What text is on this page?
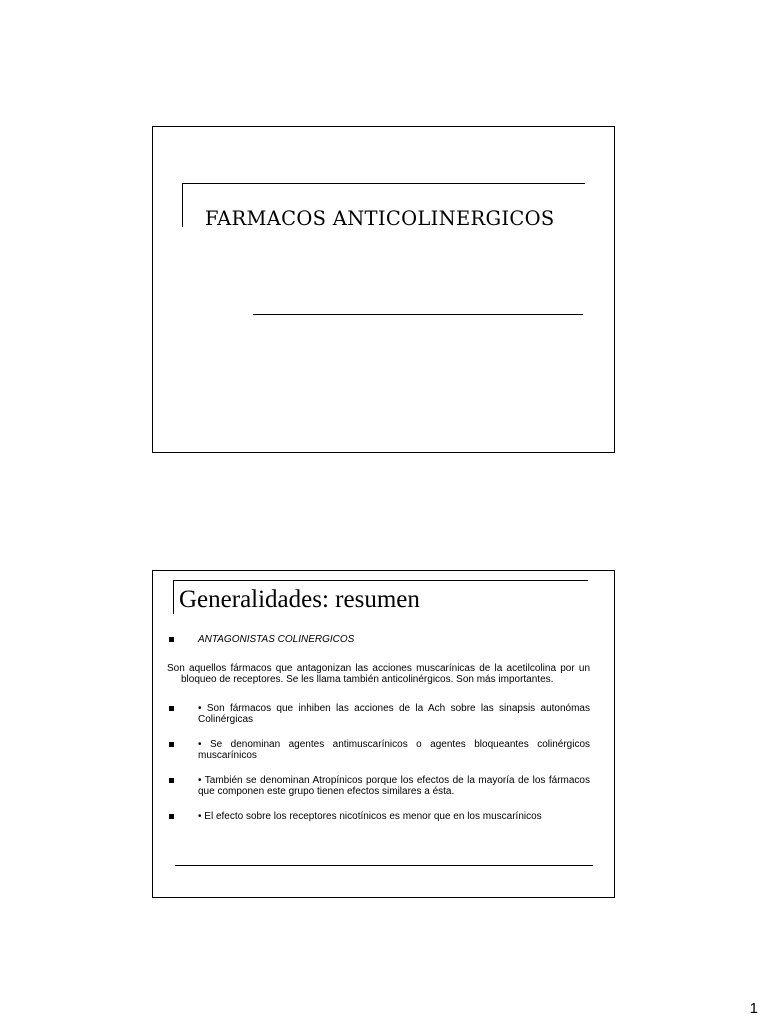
FARMACOS ANTICOLINERGICOS
Generalidades: resumen
ANTAGONISTAS COLINERGICOS
Son aquellos fármacos que antagonizan las acciones muscarínicas de la acetilcolina por un bloqueo de receptores. Se les llama también anticolinérgicos. Son más importantes.
• Son fármacos que inhiben las acciones de la Ach sobre las sinapsis autonómas Colinérgicas
• Se denominan agentes antimuscarínicos o agentes bloqueantes colinérgicos muscarínicos
• También se denominan Atropínicos porque los efectos de la mayoría de los fármacos que componen este grupo tienen efectos similares a ésta.
• El efecto sobre los receptores nicotínicos es menor que en los muscarínicos
1
